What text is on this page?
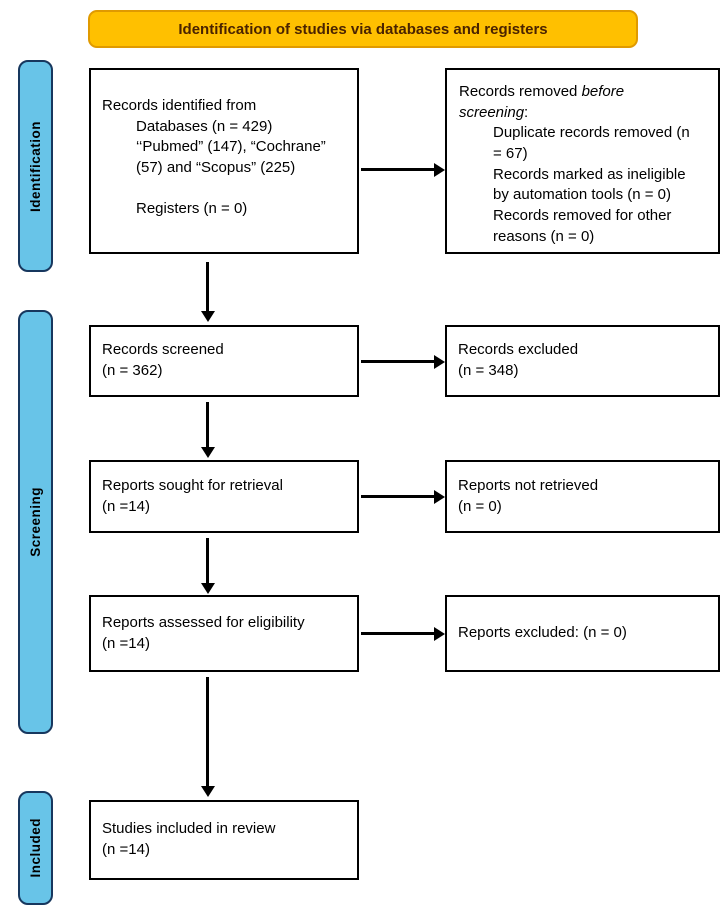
Identification of studies via databases and registers
Identification
Screening
Included
Records identified from
Databases (n = 429)
‘‘Pubmed” (147), “Cochrane”
(57) and “Scopus” (225)

Registers (n = 0)
Records removed before
screening:
Duplicate records removed (n
= 67)
Records marked as ineligible
by automation tools (n = 0)
Records removed for other
reasons (n = 0)
Records screened
(n = 362)
Records excluded
(n = 348)
Reports sought for retrieval
(n =14)
Reports not retrieved
(n = 0)
Reports assessed for eligibility
(n =14)
Reports excluded: (n = 0)
Studies included in review
(n =14)
